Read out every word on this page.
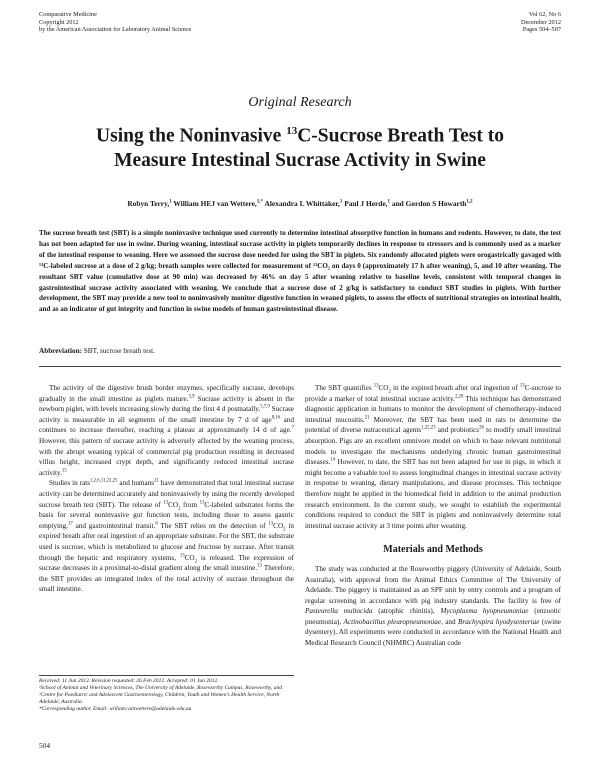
Comparative Medicine
Copyright 2012
by the American Association for Laboratory Animal Science
Vol 62, No 6
December 2012
Pages 504–507
Original Research
Using the Noninvasive $^{13}$C-Sucrose Breath Test to
Measure Intestinal Sucrase Activity in Swine
Robyn Terry,$^1$ William HEJ van Wettere,$^{1,*}$ Alexandra L Whittaker,$^1$ Paul J Herde,$^1$ and Gordon S Howarth$^{1,2}$
The sucrose breath test (SBT) is a simple noninvasive technique used currently to determine intestinal absorptive function in humans and rodents. However, to date, the test has not been adapted for use in swine. During weaning, intestinal sucrase activity in piglets temporarily declines in response to stressors and is commonly used as a marker of the intestinal response to weaning. Here we assessed the sucrose dose needed for using the SBT in piglets. Six randomly allocated piglets were orogastrically gavaged with ¹³C-labeled sucrose at a dose of 2 g/kg; breath samples were collected for measurement of ¹³CO₂ on days 0 (approximately 17 h after weaning), 5, and 10 after weaning. The resultant SBT value (cumulative dose at 90 min) was decreased by 46% on day 5 after weaning relative to baseline levels, consistent with temporal changes in gastrointestinal sucrase activity associated with weaning. We conclude that a sucrose dose of 2 g/kg is satisfactory to conduct SBT studies in piglets. With further development, the SBT may provide a new tool to noninvasively monitor digestive function in weaned piglets, to assess the effects of nutritional strategies on intestinal health, and as an indicator of gut integrity and function in swine models of human gastrointestinal disease.
Abbreviation: SBT, sucrose breath test.

The activity of the digestive brush border enzymes, specifically sucrase, develops gradually in the small intestine as piglets mature.$^{3,9}$ Sucrase activity is absent in the newborn piglet, with levels increasing slowly during the first 4 d postnatally.$^{5,7,9}$ Sucrase activity is measurable in all segments of the small intestine by 7 d of age$^{8,16}$ and continues to increase thereafter, reaching a plateau at approximately 14 d of age.$^7$ However, this pattern of sucrase activity is adversely affected by the weaning process, with the abrupt weaning typical of commercial pig production resulting in decreased villus height, increased crypt depth, and significantly reduced intestinal sucrase activity.$^{15}$

Studies in rats$^{1,2,6,11,22,25}$ and humans$^{21}$ have demonstrated that total intestinal sucrase activity can be determined accurately and noninvasively by using the recently developed sucrose breath test (SBT). The release of $^{13}CO_2$ from $^{13}$C-labeled substrates forms the basis for several noninvasive gut function tests, including those to assess gastric emptying,$^{17}$ and gastrointestinal transit.$^6$ The SBT relies on the detection of $^{13}CO_2$ in expired breath after oral ingestion of an appropriate substrate. For the SBT, the substrate used is sucrose, which is metabolized to glucose and fructose by sucrase. After transit through the hepatic and respiratory systems, $^{13}CO_2$ is released. The expression of sucrase decreases in a proximal-to-distal gradient along the small intestine.$^{13}$ Therefore, the SBT provides an integrated index of the total activity of sucrase throughout the small intestine.

Received: 11 Jun 2012. Revision requested: 26 Feb 2012. Accepted: 01 Jun 2012.
¹School of Animal and Veterinary Sciences, The University of Adelaide, Roseworthy Campus, Roseworthy, and ²Centre for Paediatric and Adolescent Gastroenterology, Children, Youth and Women's Health Service, North Adelaide, Australia.
*Corresponding author. Email: william.vanwettere@adelaide.edu.au
504

The SBT quantifies $^{13}CO_2$ in the expired breath after oral ingestion of $^{13}$C-sucrose to provide a marker of total intestinal sucrase activity.$^{2,20}$ This technique has demonstrated diagnostic application in humans to monitor the development of chemotherapy-induced intestinal mucositis.$^{21}$ Moreover, the SBT has been used in rats to determine the potential of diverse nutraceutical agents$^{1,22,23}$ and probiotics$^{26}$ to modify small intestinal absorption. Pigs are an excellent omnivore model on which to base relevant nutritional models to investigate the mechanisms underlying chronic human gastrointestinal diseases.$^{14}$ However, to date, the SBT has not been adapted for use in pigs, in which it might become a valuable tool to assess longitudinal changes in intestinal sucrase activity in response to weaning, dietary manipulations, and disease processes. This technique therefore might be applied in the biomedical field in addition to the animal production research environment. In the current study, we sought to establish the experimental conditions required to conduct the SBT in piglets and noninvasively determine total intestinal sucrase activity at 3 time points after weaning.

Materials and Methods

The study was conducted at the Roseworthy piggery (University of Adelaide, South Australia), with approval from the Animal Ethics Committee of The University of Adelaide. The piggery is maintained as an SPF unit by entry controls and a program of regular screening in accordance with pig industry standards. The facility is free of Pasteurella multocida (atrophic rhinitis), Mycoplasma hyopneumoniae (enzootic pneumonia), Actinobacillus pleuropneumoniae, and Brachyspira hyodysenteriae (swine dysentery). All experiments were conducted in accordance with the National Health and Medical Research Council (NHMRC) Australian code
